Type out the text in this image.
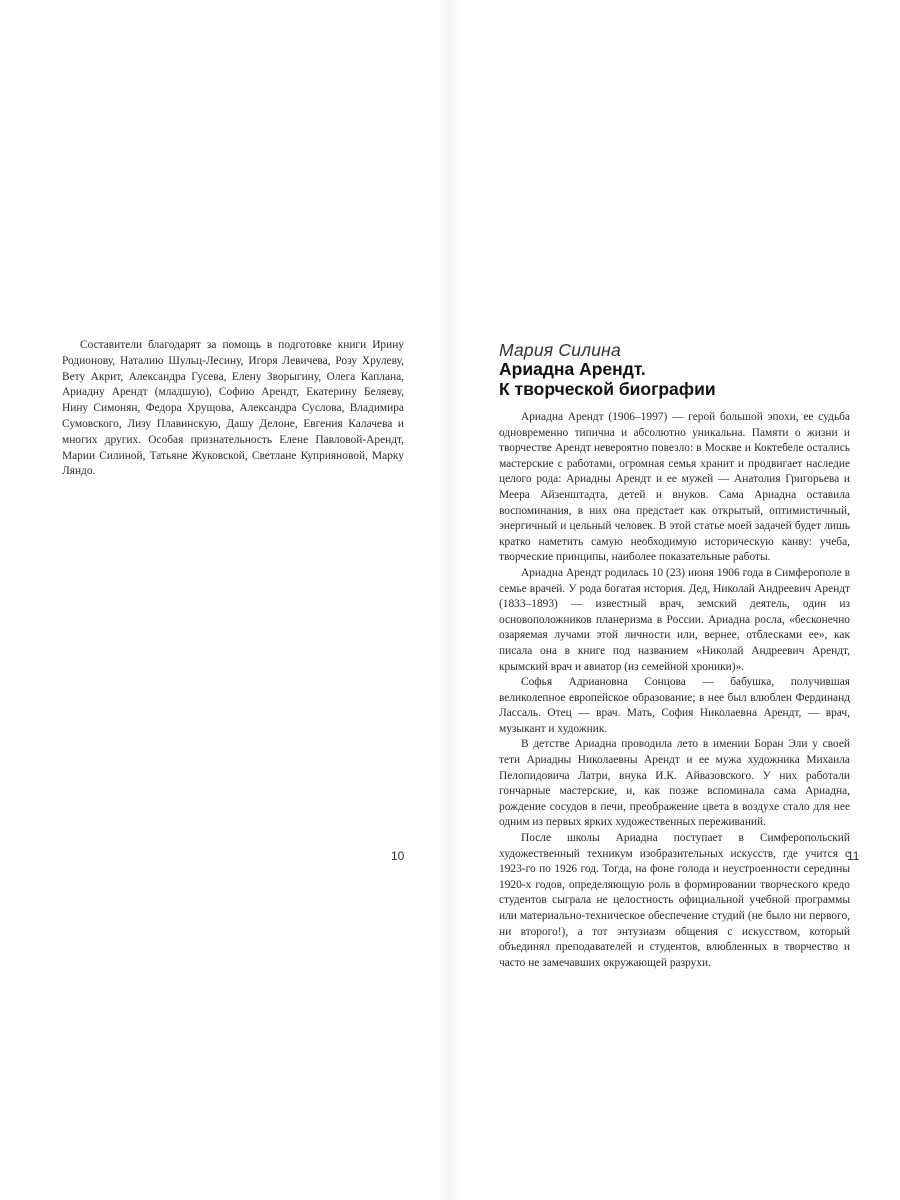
Составители благодарят за помощь в подготовке книги Ирину Родионову, Наталию Шульц-Лесину, Игоря Левичева, Розу Хрулеву, Вету Акрит, Александра Гусева, Елену Зворыгину, Олега Каплана, Ариадну Арендт (младшую), Софию Арендт, Екатерину Беляеву, Нину Симонян, Федора Хрущова, Александра Суслова, Владимира Сумовского, Лизу Плавинскую, Дашу Делоне, Евгения Калачева и многих других. Особая признательность Елене Павловой-Арендт, Марии Силиной, Татьяне Жуковской, Светлане Куприяновой, Марку Ляндо.

10

Мария Силина

Ариадна Арендт.
К творческой биографии

Ариадна Арендт (1906–1997) — герой большой эпохи, ее судьба одновременно типична и абсолютно уникальна. Памяти о жизни и творчестве Арендт невероятно повезло: в Москве и Коктебеле остались мастерские с работами, огромная семья хранит и продвигает наследие целого рода: Ариадны Арендт и ее мужей — Анатолия Григорьева и Меера Айзенштадта, детей и внуков. Сама Ариадна оставила воспоминания, в них она предстает как открытый, оптимистичный, энергичный и цельный человек. В этой статье моей задачей будет лишь кратко наметить самую необходимую историческую канву: учеба, творческие принципы, наиболее показательные работы.

Ариадна Арендт родилась 10 (23) июня 1906 года в Симферополе в семье врачей. У рода богатая история. Дед, Николай Андреевич Арендт (1833–1893) — известный врач, земский деятель, один из основоположников планеризма в России. Ариадна росла, «бесконечно озаряемая лучами этой личности или, вернее, отблесками ее», как писала она в книге под названием «Николай Андреевич Арендт, крымский врач и авиатор (из семейной хроники)».

Софья Адриановна Сонцова — бабушка, получившая великолепное европейское образование; в нее был влюблен Фердинанд Лассаль. Отец — врач. Мать, София Николаевна Арендт, — врач, музыкант и художник.

В детстве Ариадна проводила лето в имении Боран Эли у своей тети Ариадны Николаевны Арендт и ее мужа художника Михаила Пелопидовича Латри, внука И.К. Айвазовского. У них работали гончарные мастерские, и, как позже вспоминала сама Ариадна, рождение сосудов в печи, преображение цвета в воздухе стало для нее одним из первых ярких художественных переживаний.

После школы Ариадна поступает в Симферопольский художественный техникум изобразительных искусств, где учится с 1923-го по 1926 год. Тогда, на фоне голода и неустроенности середины 1920-х годов, определяющую роль в формировании творческого кредо студентов сыграла не целостность официальной учебной программы или материально-техническое обеспечение студий (не было ни первого, ни второго!), а тот энтузиазм общения с искусством, который объединял преподавателей и студентов, влюбленных в творчество и часто не замечавших окружающей разрухи.

11
